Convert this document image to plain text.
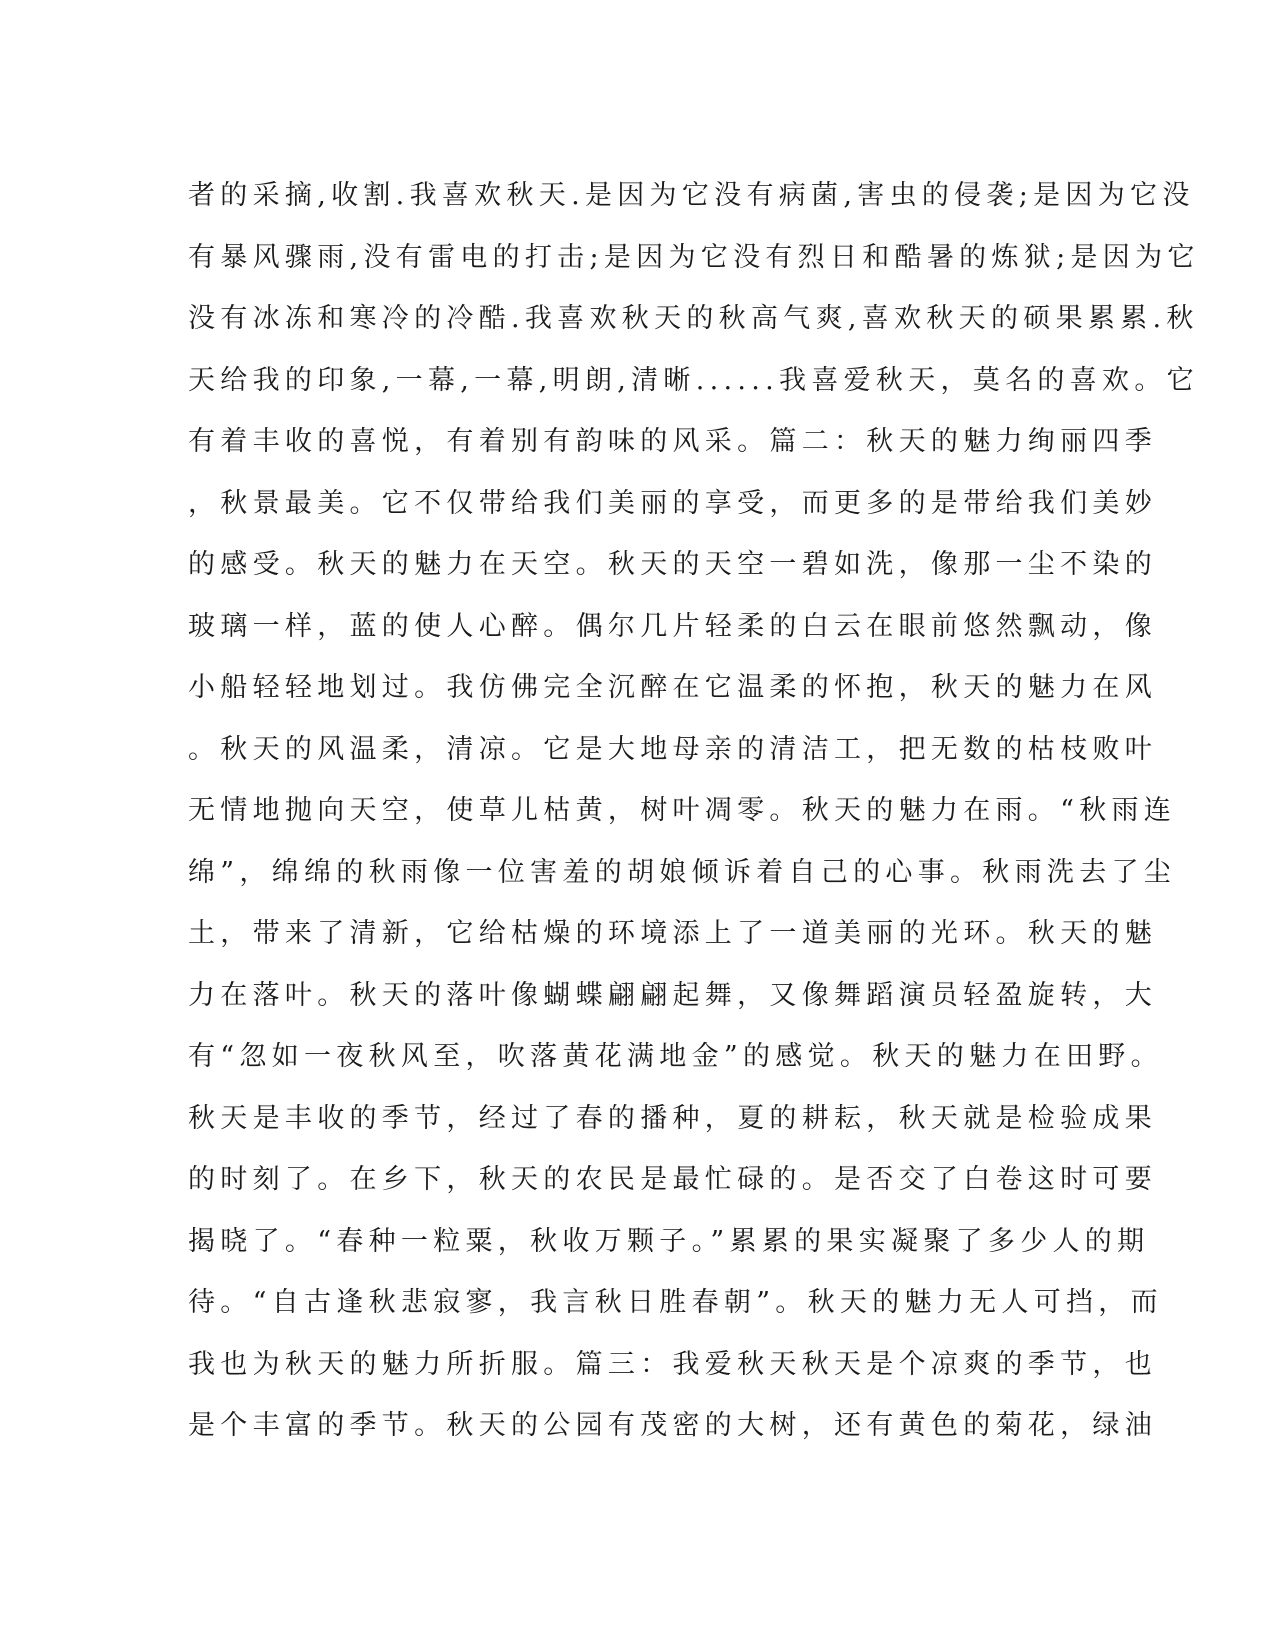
者的采摘,收割.我喜欢秋天.是因为它没有病菌,害虫的侵袭;是因为它没
有暴风骤雨,没有雷电的打击;是因为它没有烈日和酷暑的炼狱;是因为它
没有冰冻和寒冷的冷酷.我喜欢秋天的秋高气爽,喜欢秋天的硕果累累.秋
天给我的印象,一幕,一幕,明朗,清晰......我喜爱秋天，莫名的喜欢。它
有着丰收的喜悦，有着别有韵味的风采。篇二：秋天的魅力绚丽四季
，秋景最美。它不仅带给我们美丽的享受，而更多的是带给我们美妙
的感受。秋天的魅力在天空。秋天的天空一碧如洗，像那一尘不染的
玻璃一样，蓝的使人心醉。偶尔几片轻柔的白云在眼前悠然飘动，像
小船轻轻地划过。我仿佛完全沉醉在它温柔的怀抱，秋天的魅力在风
。秋天的风温柔，清凉。它是大地母亲的清洁工，把无数的枯枝败叶
无情地抛向天空，使草儿枯黄，树叶凋零。秋天的魅力在雨。“秋雨连
绵”，绵绵的秋雨像一位害羞的胡娘倾诉着自己的心事。秋雨洗去了尘
土，带来了清新，它给枯燥的环境添上了一道美丽的光环。秋天的魅
力在落叶。秋天的落叶像蝴蝶翩翩起舞，又像舞蹈演员轻盈旋转，大
有“忽如一夜秋风至，吹落黄花满地金”的感觉。秋天的魅力在田野。
秋天是丰收的季节，经过了春的播种，夏的耕耘，秋天就是检验成果
的时刻了。在乡下，秋天的农民是最忙碌的。是否交了白卷这时可要
揭晓了。“春种一粒粟，秋收万颗子。”累累的果实凝聚了多少人的期
待。“自古逢秋悲寂寥，我言秋日胜春朝”。秋天的魅力无人可挡，而
我也为秋天的魅力所折服。篇三：我爱秋天秋天是个凉爽的季节，也
是个丰富的季节。秋天的公园有茂密的大树，还有黄色的菊花，绿油
